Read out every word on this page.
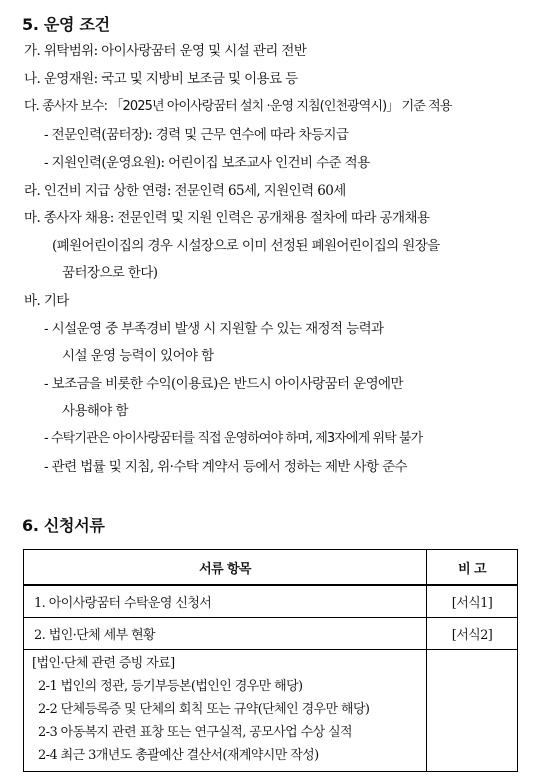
5. 운영 조건
가. 위탁범위: 아이사랑꿈터 운영 및 시설 관리 전반
나. 운영재원: 국고 및 지방비 보조금 및 이용료 등
다. 종사자 보수: 「2025년 아이사랑꿈터 설치 ·운영 지침(인천광역시)」 기준 적용
- 전문인력(꿈터장): 경력 및 근무 연수에 따라 차등지급
- 지원인력(운영요원): 어린이집 보조교사 인건비 수준 적용
라. 인건비 지급 상한 연령: 전문인력 65세, 지원인력 60세
마. 종사자 채용: 전문인력 및 지원 인력은 공개채용 절차에 따라 공개채용
(폐원어린이집의 경우 시설장으로 이미 선정된 폐원어린이집의 원장을
꿈터장으로 한다)
바. 기타
- 시설운영 중 부족경비 발생 시 지원할 수 있는 재정적 능력과
시설 운영 능력이 있어야 함
- 보조금을 비롯한 수익(이용료)은 반드시 아이사랑꿈터 운영에만
사용해야 함
- 수탁기관은 아이사랑꿈터를 직접 운영하여야 하며, 제3자에게 위탁 불가
- 관련 법률 및 지침, 위·수탁 계약서 등에서 정하는 제반 사항 준수
6. 신청서류
서류 항목	비 고
1. 아이사랑꿈터 수탁운영 신청서	[서식1]
2. 법인·단체 세부 현황	[서식2]

[법인·단체 관련 증빙 자료]
2-1 법인의 정관, 등기부등본(법인인 경우만 해당)
2-2 단체등록증 및 단체의 회칙 또는 규약(단체인 경우만 해당)
2-3 아동복지 관련 표창 또는 연구실적, 공모사업 수상 실적
2-4 최근 3개년도 총괄예산 결산서(재계약시만 작성)	
